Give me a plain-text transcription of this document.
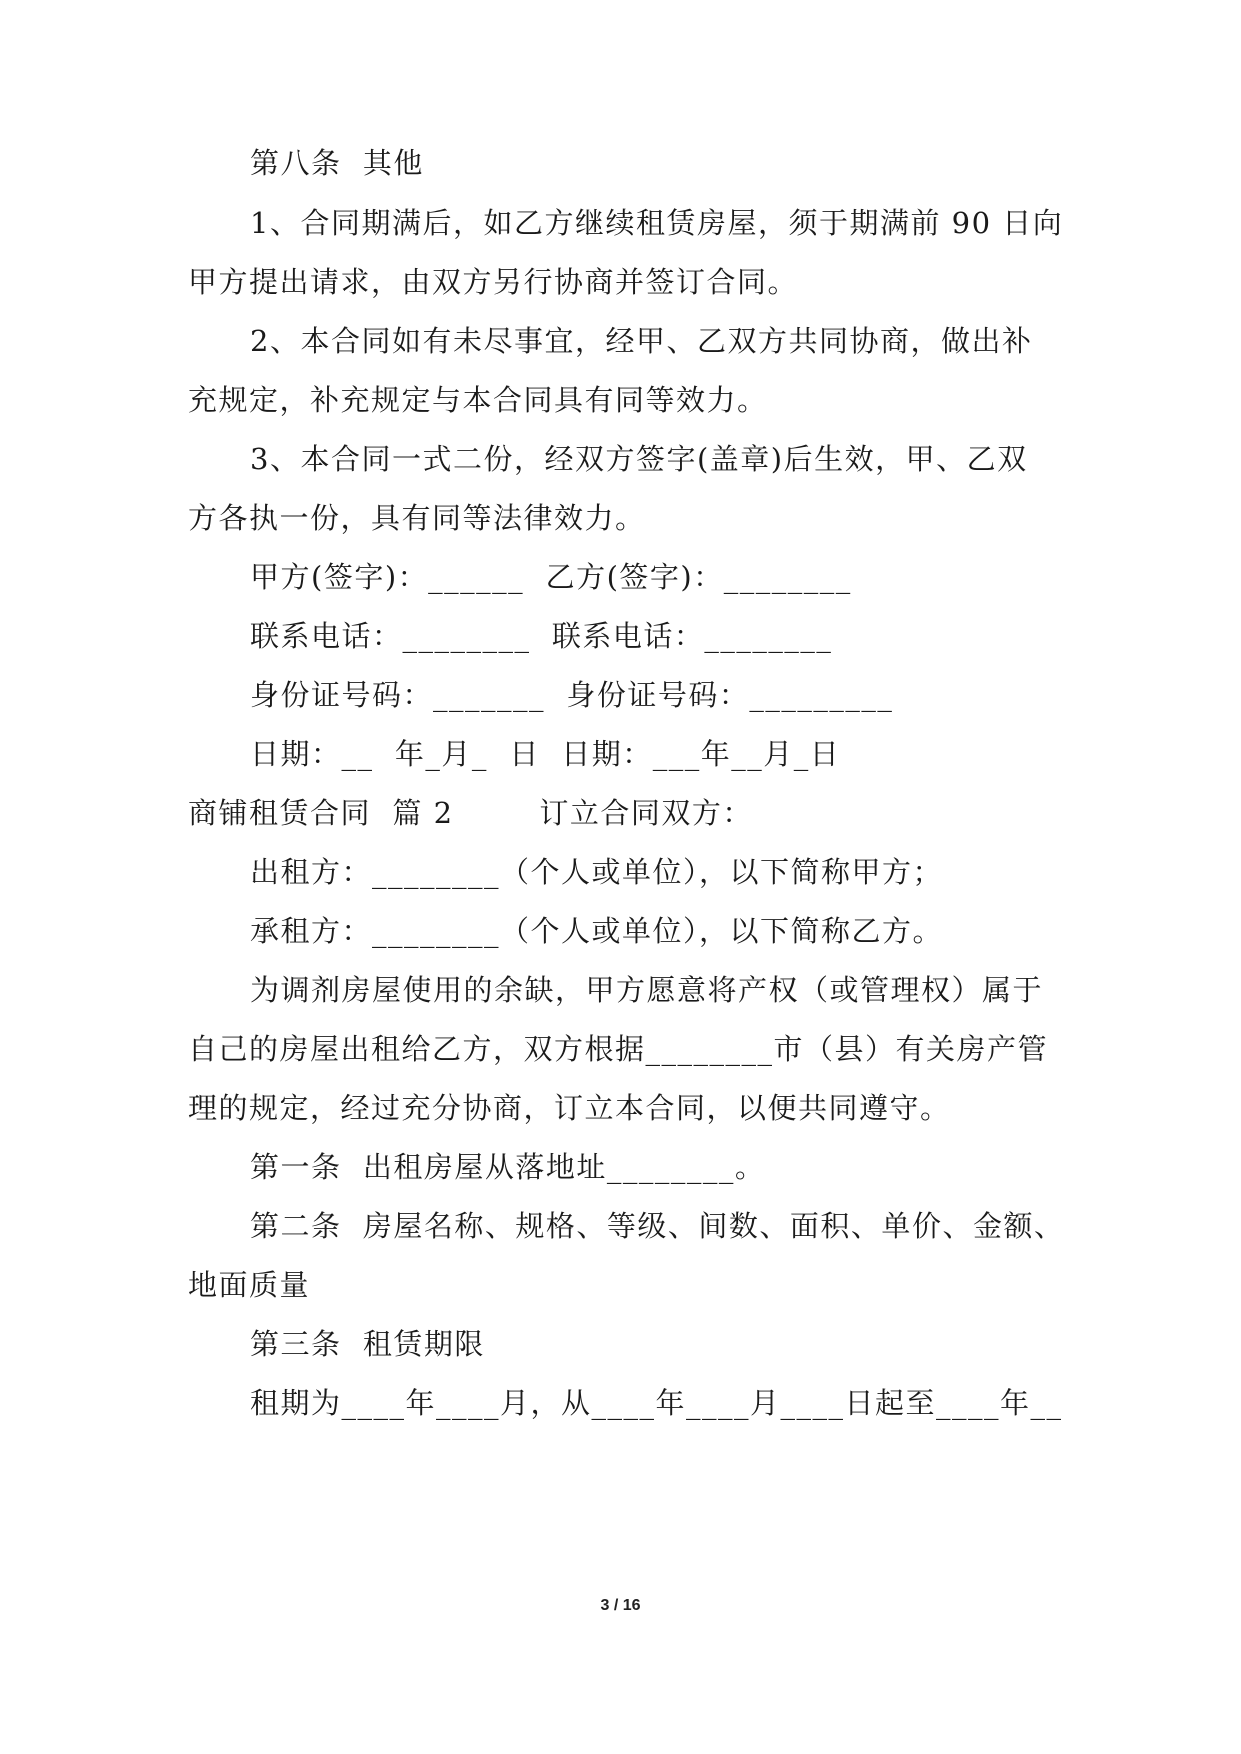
第八条  其他
1、合同期满后，如乙方继续租赁房屋，须于期满前 90 日向
甲方提出请求，由双方另行协商并签订合同。
2、本合同如有未尽事宜，经甲、乙双方共同协商，做出补
充规定，补充规定与本合同具有同等效力。
3、本合同一式二份，经双方签字(盖章)后生效，甲、乙双
方各执一份，具有同等法律效力。
甲方(签字)：______  乙方(签字)：________
联系电话：________  联系电话：________
身份证号码：_______  身份证号码：_________
日期：__  年_月_  日  日期：___年__月_日
商铺租赁合同  篇 2        订立合同双方：
出租方：________（个人或单位），以下简称甲方；
承租方：________（个人或单位），以下简称乙方。
为调剂房屋使用的余缺，甲方愿意将产权（或管理权）属于
自己的房屋出租给乙方，双方根据________市（县）有关房产管
理的规定，经过充分协商，订立本合同，以便共同遵守。
第一条  出租房屋从落地址________。
第二条  房屋名称、规格、等级、间数、面积、单价、金额、
地面质量
第三条  租赁期限
租期为____年____月，从____年____月____日起至____年__
3 / 16
